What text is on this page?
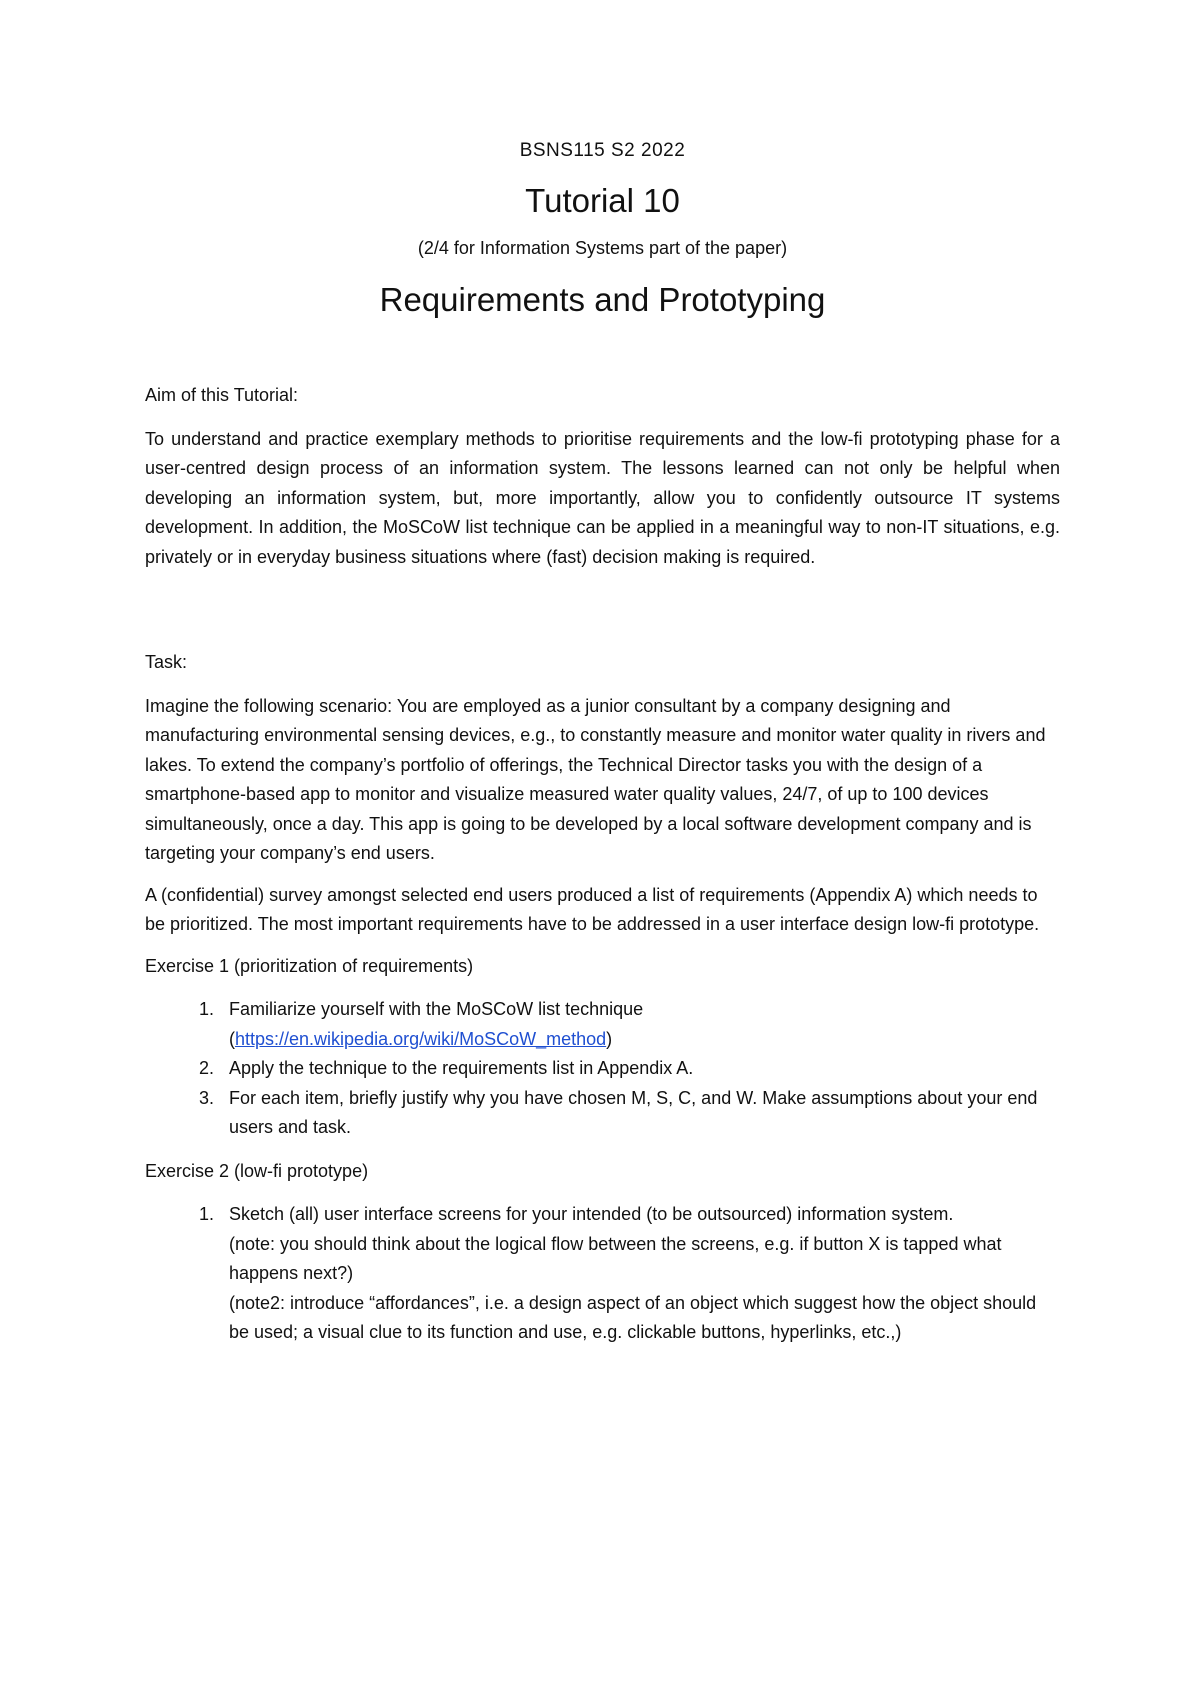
BSNS115 S2 2022
Tutorial 10
(2/4 for Information Systems part of the paper)
Requirements and Prototyping

Aim of this Tutorial:

To understand and practice exemplary methods to prioritise requirements and the low-fi prototyping phase for a user-centred design process of an information system. The lessons learned can not only be helpful when developing an information system, but, more importantly, allow you to confidently outsource IT systems development. In addition, the MoSCoW list technique can be applied in a meaningful way to non-IT situations, e.g. privately or in everyday business situations where (fast) decision making is required.

Task:

Imagine the following scenario: You are employed as a junior consultant by a company designing and manufacturing environmental sensing devices, e.g., to constantly measure and monitor water quality in rivers and lakes. To extend the company’s portfolio of offerings, the Technical Director tasks you with the design of a smartphone-based app to monitor and visualize measured water quality values, 24/7, of up to 100 devices simultaneously, once a day. This app is going to be developed by a local software development company and is targeting your company’s end users.

A (confidential) survey amongst selected end users produced a list of requirements (Appendix A) which needs to be prioritized. The most important requirements have to be addressed in a user interface design low-fi prototype.

Exercise 1 (prioritization of requirements)

1. Familiarize yourself with the MoSCoW list technique
(https://en.wikipedia.org/wiki/MoSCoW_method)
2. Apply the technique to the requirements list in Appendix A.
3. For each item, briefly justify why you have chosen M, S, C, and W. Make assumptions about your end users and task.

Exercise 2 (low-fi prototype)

1. Sketch (all) user interface screens for your intended (to be outsourced) information system.
(note: you should think about the logical flow between the screens, e.g. if button X is tapped what happens next?)
(note2: introduce “affordances”, i.e. a design aspect of an object which suggest how the object should be used; a visual clue to its function and use, e.g. clickable buttons, hyperlinks, etc.,)
